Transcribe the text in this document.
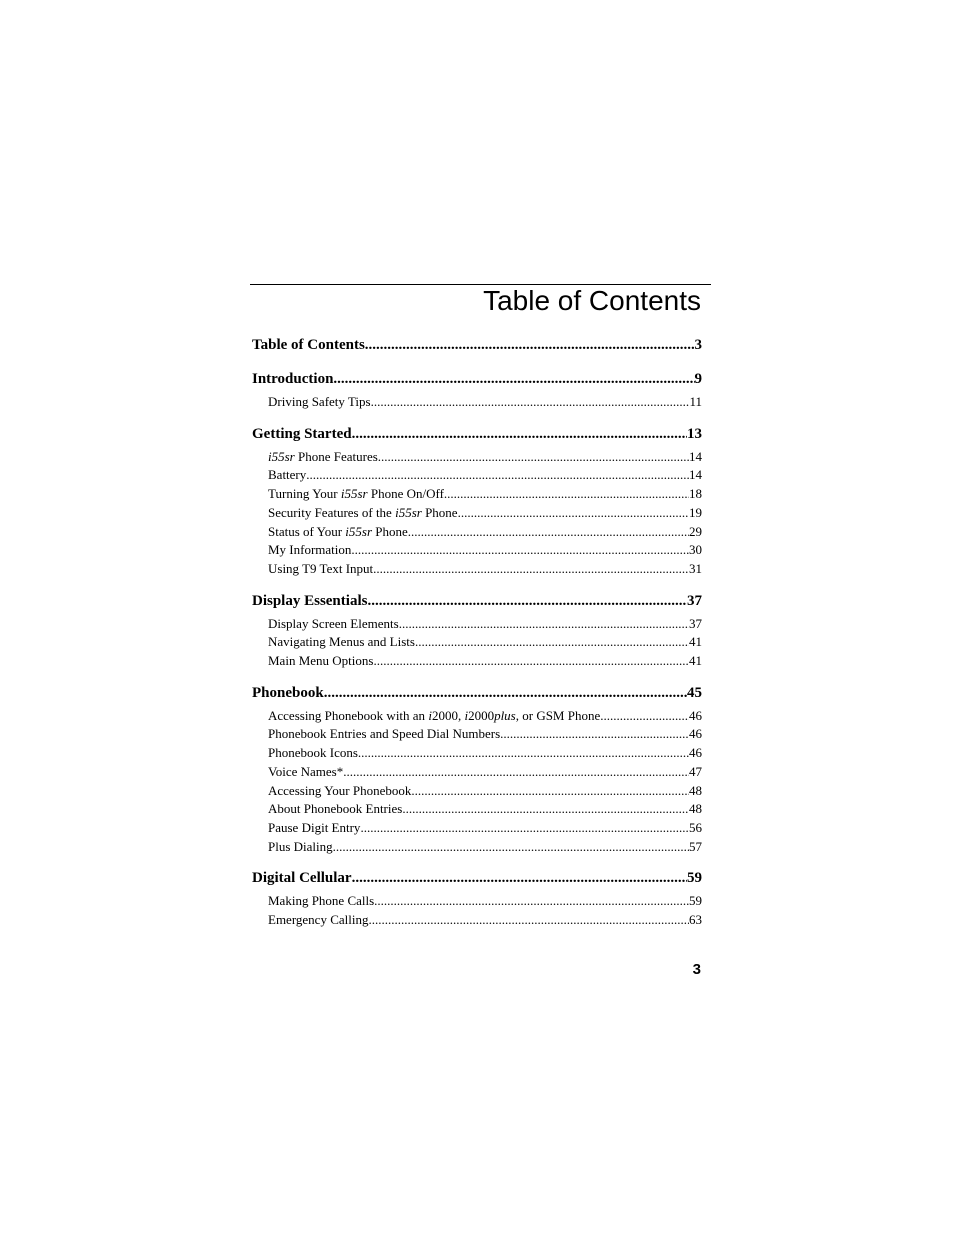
Table of Contents
Table of Contents .....	3
Introduction .....	9
Driving Safety Tips .....	11
Getting Started .....	13
i55sr Phone Features .....	14
Battery .....	14
Turning Your i55sr Phone On/Off .....	18
Security Features of the i55sr Phone .....	19
Status of Your i55sr Phone .....	29
My Information .....	30
Using T9 Text Input .....	31
Display Essentials .....	37
Display Screen Elements .....	37
Navigating Menus and Lists .....	41
Main Menu Options .....	41
Phonebook .....	45
Accessing Phonebook with an i2000, i2000plus, or GSM Phone .....	46
Phonebook Entries and Speed Dial Numbers .....	46
Phonebook Icons .....	46
Voice Names* .....	47
Accessing Your Phonebook .....	48
About Phonebook Entries .....	48
Pause Digit Entry .....	56
Plus Dialing .....	57
Digital Cellular .....	59
Making Phone Calls .....	59
Emergency Calling .....	63
3
